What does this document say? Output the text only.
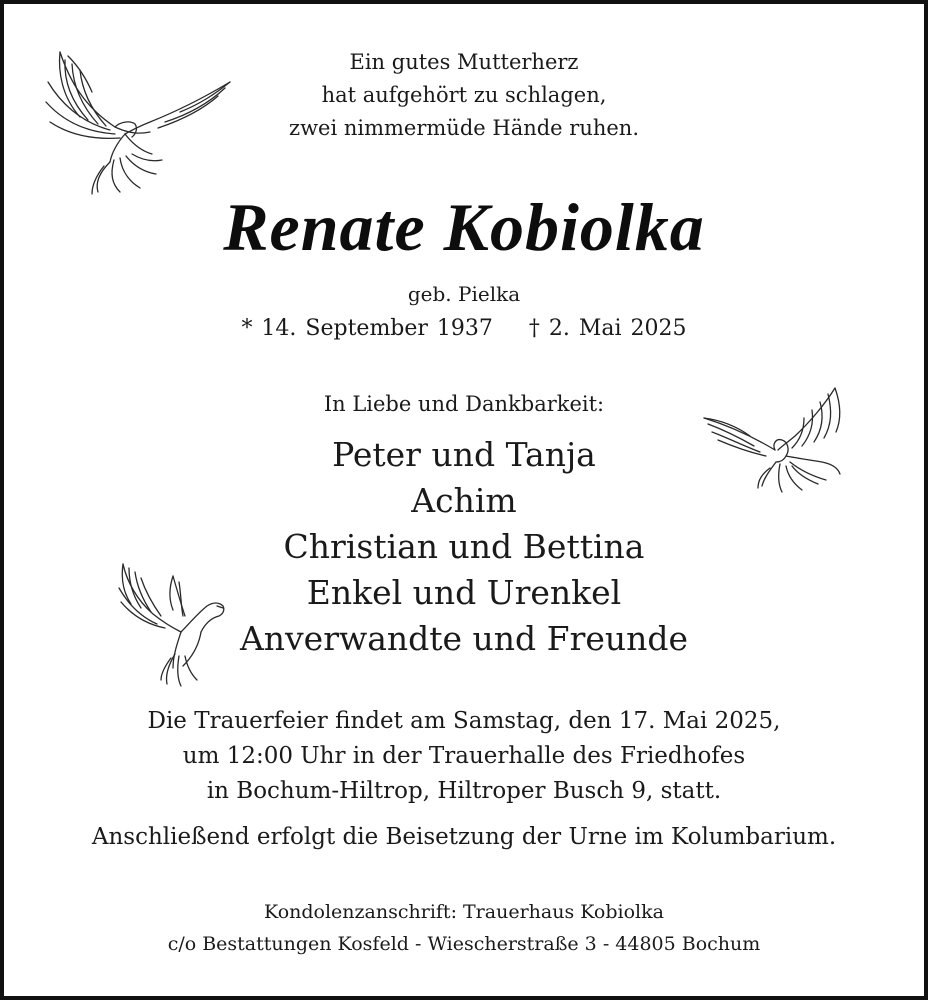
Ein gutes Mutterherz
hat aufgehört zu schlagen,
zwei nimmermüde Hände ruhen.
Renate Kobiolka
geb. Pielka
* 14. September 1937 † 2. Mai 2025
In Liebe und Dankbarkeit:
Peter und Tanja
Achim
Christian und Bettina
Enkel und Urenkel
Anverwandte und Freunde
Die Trauerfeier findet am Samstag, den 17. Mai 2025,
um 12:00 Uhr in der Trauerhalle des Friedhofes
in Bochum-Hiltrop, Hiltroper Busch 9, statt.
Anschließend erfolgt die Beisetzung der Urne im Kolumbarium.
Kondolenzanschrift: Trauerhaus Kobiolka
c/o Bestattungen Kosfeld - Wiescherstraße 3 - 44805 Bochum
